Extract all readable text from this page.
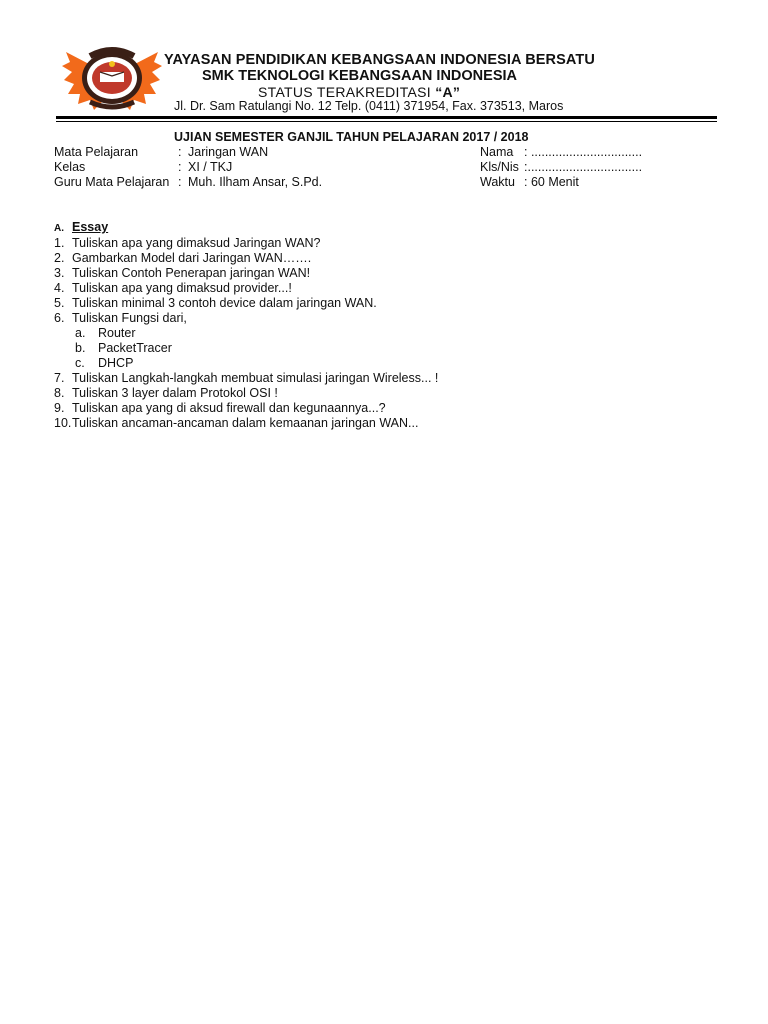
YAYASAN PENDIDIKAN KEBANGSAAN INDONESIA BERSATU
SMK TEKNOLOGI KEBANGSAAN INDONESIA
STATUS TERAKREDITASI “A”
Jl. Dr. Sam Ratulangi No. 12 Telp. (0411) 371954, Fax. 373513, Maros
UJIAN SEMESTER GANJIL TAHUN PELAJARAN 2017 / 2018
Mata Pelajaran	: Jaringan WAN
Kelas	: XI / TKJ
Guru Mata Pelajaran : Muh. Ilham Ansar, S.Pd.
Nama : ................................
Kls/Nis :.................................
Waktu : 60 Menit
A. Essay
1. Tuliskan apa yang dimaksud Jaringan WAN?
2. Gambarkan Model dari Jaringan WAN…….
3. Tuliskan Contoh Penerapan jaringan WAN!
4. Tuliskan apa yang dimaksud provider...!
5. Tuliskan minimal 3 contoh device dalam jaringan WAN.
6. Tuliskan Fungsi dari,
a. Router
b. PacketTracer
c. DHCP
7. Tuliskan Langkah-langkah membuat simulasi jaringan Wireless... !
8. Tuliskan 3 layer dalam Protokol OSI !
9. Tuliskan apa yang di aksud firewall dan kegunaannya...?
10. Tuliskan ancaman-ancaman dalam kemaanan jaringan WAN...
